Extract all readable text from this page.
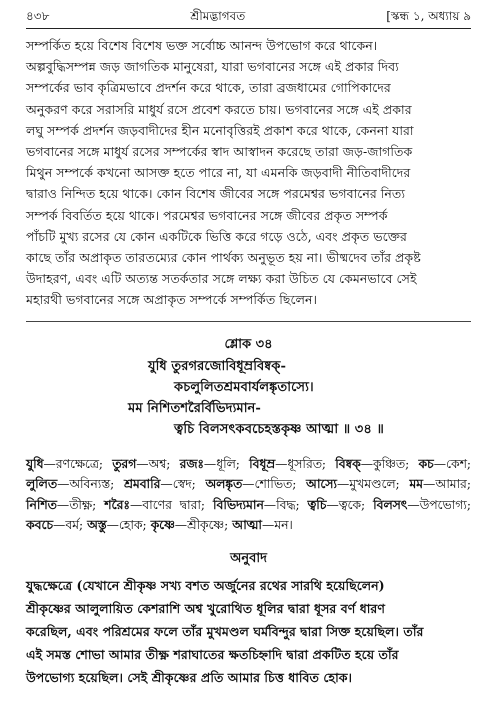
৪৩৮	শ্রীমদ্ভাগবত	[স্কন্ধ ১, অধ্যায় ৯
সম্পর্কিত হয়ে বিশেষ বিশেষ ভক্ত সর্বোচ্চ আনন্দ উপভোগ করে থাকেন।
অল্পবুদ্ধিসম্পন্ন জড় জাগতিক মানুষেরা, যারা ভগবানের সঙ্গে এই প্রকার দিব্য
সম্পর্কের ভাব কৃত্রিমভাবে প্রদর্শন করে থাকে, তারা ব্রজধামের গোপিকাদের
অনুকরণ করে সরাসরি মাধুর্য রসে প্রবেশ করতে চায়। ভগবানের সঙ্গে এই প্রকার
লঘু সম্পর্ক প্রদর্শন জড়বাদীদের হীন মনোবৃত্তিরই প্রকাশ করে থাকে, কেননা যারা
ভগবানের সঙ্গে মাধুর্য রসের সম্পর্কের স্বাদ আস্বাদন করেছে তারা জড়-জাগতিক
মিথুন সম্পর্কে কখনো আসক্ত হতে পারে না, যা এমনকি জড়বাদী নীতিবাদীদের
দ্বারাও নিন্দিত হয়ে থাকে। কোন বিশেষ জীবের সঙ্গে পরমেশ্বর ভগবানের নিত্য
সম্পর্ক বিবর্তিত হয়ে থাকে। পরমেশ্বর ভগবানের সঙ্গে জীবের প্রকৃত সম্পর্ক
পাঁচটি মুখ্য রসের যে কোন একটিকে ভিত্তি করে গড়ে ওঠে, এবং প্রকৃত ভক্তের
কাছে তাঁর অপ্রাকৃত তারতম্যের কোন পার্থক্য অনুভূত হয় না। ভীষ্মদেব তাঁর প্রকৃষ্ট
উদাহরণ, এবং এটি অত্যন্ত সতর্কতার সঙ্গে লক্ষ্য করা উচিত যে কেমনভাবে সেই
মহারথী ভগবানের সঙ্গে অপ্রাকৃত সম্পর্কে সম্পর্কিত ছিলেন।
শ্লোক ৩৪
যুধি তুরগরজোবিধূম্রবিষ্বক্-
কচলুলিতশ্রমবার্যলঙ্কৃতাস্যে।
মম নিশিতশরৈর্বিভিদ্যমান-
ত্বচি বিলসৎকবচেহস্তকৃষ্ণ আত্মা ॥ ৩৪ ॥
যুধি—রণক্ষেত্রে; তুরগ—অশ্ব; রজঃ—ধূলি; বিধূম্র—ধূসরিত; বিষ্বক্—কুঞ্চিত; কচ—কেশ; লুলিত—অবিন্যস্ত; শ্রমবারি—স্বেদ; অলঙ্কৃত—শোভিত; আস্যে—মুখমণ্ডলে; মম—আমার; নিশিত—তীক্ষ্ণ; শরৈঃ—বাণের দ্বারা; বিভিদ্যমান—বিদ্ধ; ত্বচি—ত্বকে; বিলসৎ—উপভোগ্য; কবচে—বর্ম; অস্তু—হোক; কৃষ্ণে—শ্রীকৃষ্ণে; আত্মা—মন।
অনুবাদ
যুদ্ধক্ষেত্রে (যেখানে শ্রীকৃষ্ণ সখ্য বশত অর্জুনের রথের সারথি হয়েছিলেন)
শ্রীকৃষ্ণের আলুলায়িত কেশরাশি অশ্ব খুরোথিত ধূলির দ্বারা ধূসর বর্ণ ধারণ
করেছিল, এবং পরিশ্রমের ফলে তাঁর মুখমণ্ডল ঘর্মবিন্দুর দ্বারা সিক্ত হয়েছিল। তাঁর
এই সমস্ত শোভা আমার তীক্ষ্ণ শরাঘাতের ক্ষতচিহ্নাদি দ্বারা প্রকটিত হয়ে তাঁর
উপভোগ্য হয়েছিল। সেই শ্রীকৃষ্ণের প্রতি আমার চিত্ত ধাবিত হোক।
